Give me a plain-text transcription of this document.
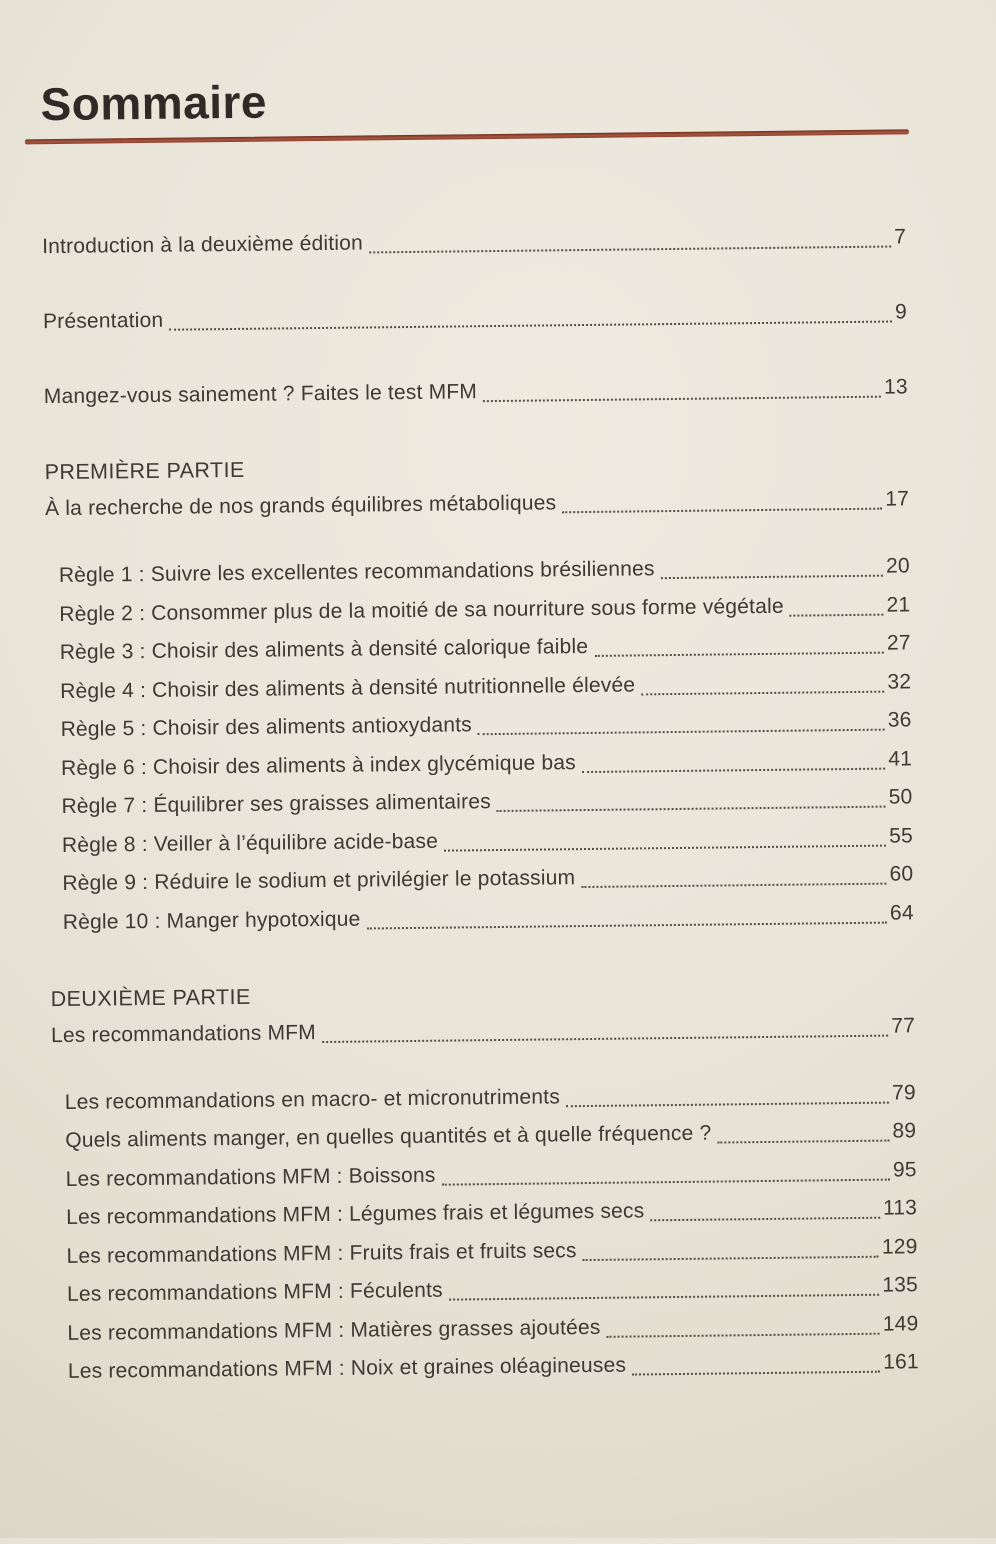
Sommaire
Introduction à la deuxième édition	7
Présentation	9
Mangez-vous sainement ? Faites le test MFM	13
PREMIÈRE PARTIE
À la recherche de nos grands équilibres métaboliques	17
Règle 1 : Suivre les excellentes recommandations brésiliennes	20
Règle 2 : Consommer plus de la moitié de sa nourriture sous forme végétale	21
Règle 3 : Choisir des aliments à densité calorique faible	27
Règle 4 : Choisir des aliments à densité nutritionnelle élevée	32
Règle 5 : Choisir des aliments antioxydants	36
Règle 6 : Choisir des aliments à index glycémique bas	41
Règle 7 : Équilibrer ses graisses alimentaires	50
Règle 8 : Veiller à l’équilibre acide-base	55
Règle 9 : Réduire le sodium et privilégier le potassium	60
Règle 10 : Manger hypotoxique	64
DEUXIÈME PARTIE
Les recommandations MFM	77
Les recommandations en macro- et micronutriments	79
Quels aliments manger, en quelles quantités et à quelle fréquence ?	89
Les recommandations MFM : Boissons	95
Les recommandations MFM : Légumes frais et légumes secs	113
Les recommandations MFM : Fruits frais et fruits secs	129
Les recommandations MFM : Féculents	135
Les recommandations MFM : Matières grasses ajoutées	149
Les recommandations MFM : Noix et graines oléagineuses	161
